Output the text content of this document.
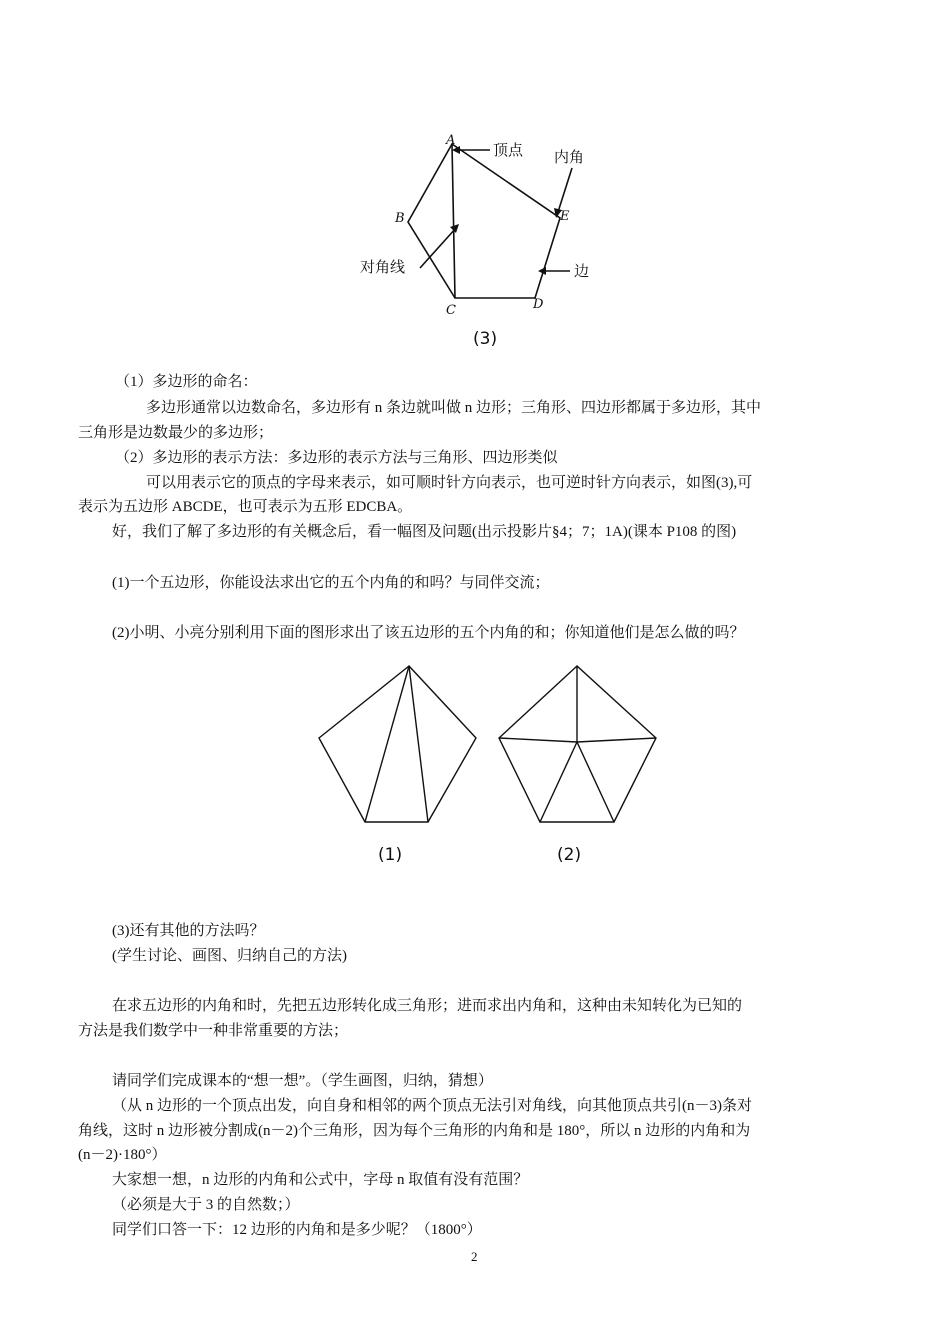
A
B
C	D
E
顶点 内角
对角线	边
(3)
（1）多边形的命名：
多边形通常以边数命名，多边形有 n 条边就叫做 n 边形；三角形、四边形都属于多边形，其中
三角形是边数最少的多边形；
（2）多边形的表示方法：多边形的表示方法与三角形、四边形类似
可以用表示它的顶点的字母来表示，如可顺时针方向表示，也可逆时针方向表示，如图(3),可
表示为五边形 ABCDE，也可表示为五形 EDCBA。
好，我们了解了多边形的有关概念后，看一幅图及问题(出示投影片§4；7；1A)(课本 P108 的图)
(1)一个五边形，你能设法求出它的五个内角的和吗？与同伴交流；
(2)小明、小亮分别利用下面的图形求出了该五边形的五个内角的和；你知道他们是怎么做的吗？
(1)	(2)
(3)还有其他的方法吗？
(学生讨论、画图、归纳自己的方法)
在求五边形的内角和时，先把五边形转化成三角形；进而求出内角和，这种由未知转化为已知的
方法是我们数学中一种非常重要的方法；
请同学们完成课本的“想一想”。（学生画图，归纳，猜想）
（从 n 边形的一个顶点出发，向自身和相邻的两个顶点无法引对角线，向其他顶点共引(n－3)条对
角线，这时 n 边形被分割成(n－2)个三角形，因为每个三角形的内角和是 180°，所以 n 边形的内角和为
(n－2)·180°）
大家想一想，n 边形的内角和公式中，字母 n 取值有没有范围？
（必须是大于 3 的自然数；）
同学们口答一下：12 边形的内角和是多少呢？（1800°）
2
